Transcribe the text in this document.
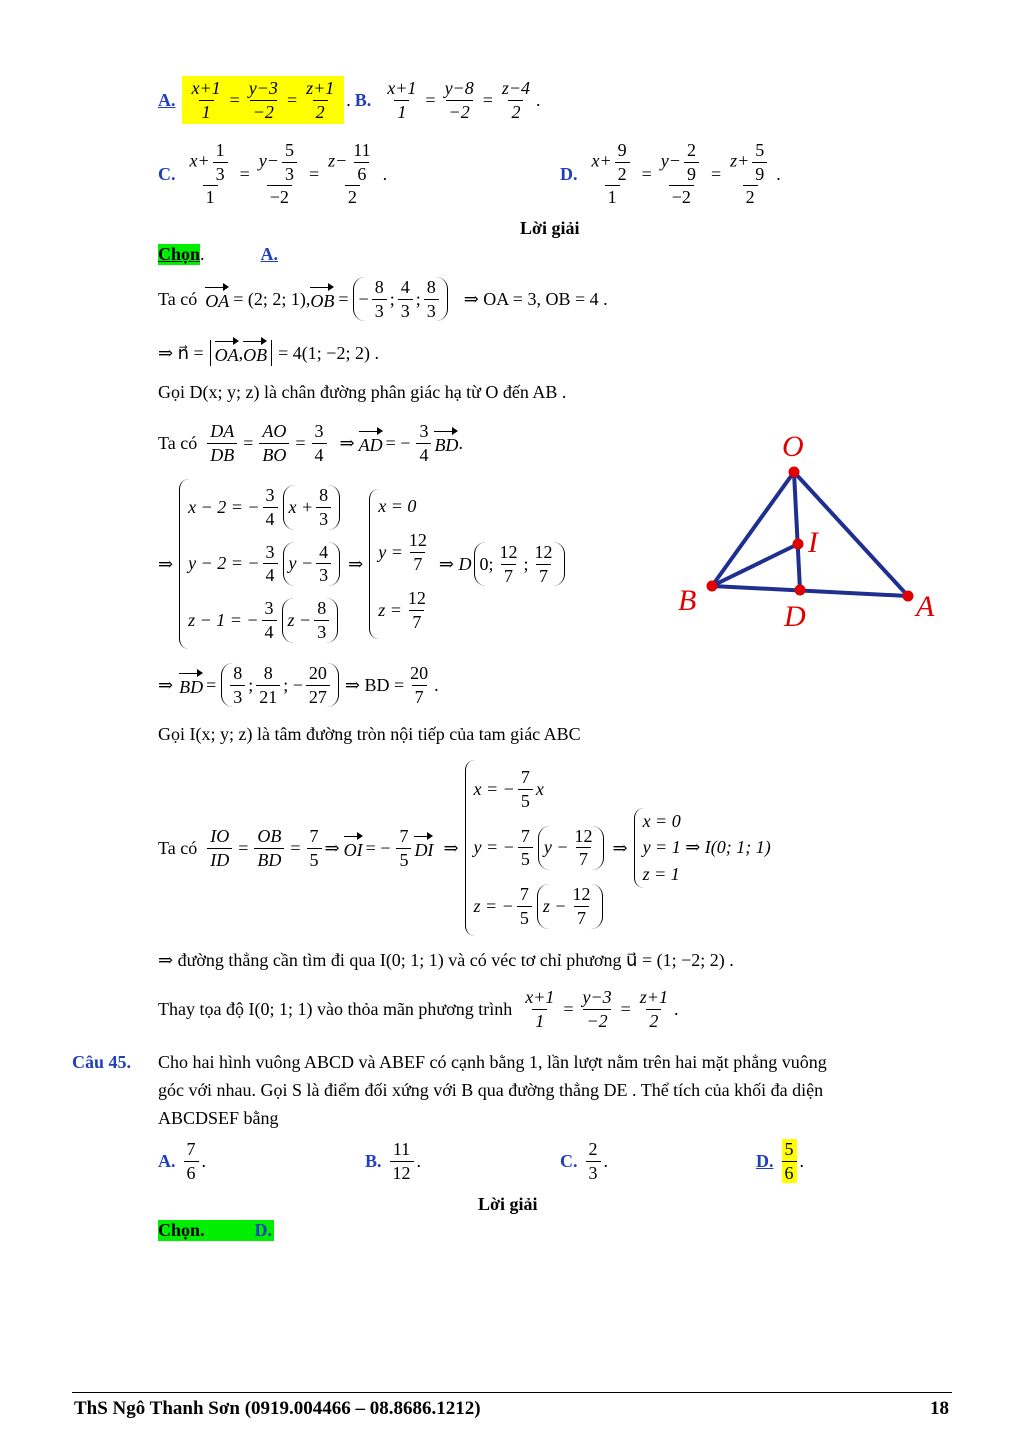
A. $\frac{x+1}{1} = \frac{y-3}{-2} = \frac{z+1}{2}$ . B. $\frac{x+1}{1} = \frac{y-8}{-2} = \frac{z-4}{2}$ .
C. $\frac{x+ \frac{1}{3}}{1} = \frac{y- \frac{5}{3}}{-2} = \frac{z- \frac{11}{6}}{2}$ .	D. $\frac{x+ \frac{9}{2}}{1} = \frac{y- \frac{2}{9}}{-2} = \frac{z+ \frac{5}{9}}{2}$ .
Lời giải
Chọn .	A.
Ta có OA = (2; 2; 1), OB = − $\frac{8}{3}$ ; $\frac{4}{3}$ ; $\frac{8}{3}$ ⇒ OA = 3, OB = 4 .
⇒ n⃗ = OA , OB = 4(1; −2; 2) .
Gọi D(x; y; z) là chân đường phân giác hạ từ O đến AB .
Ta có $\frac{DA}{DB} = \frac{AO}{BO} = \frac{3}{4}$ ⇒ AD = − $\frac{3}{4}$ BD .
⇒
x − 2 = − $\frac{3}{4}$ $x + \frac{8}{3}$
y − 2 = − $\frac{3}{4}$ $y - \frac{4}{3}$
z − 1 = − $\frac{3}{4}$ $z - \frac{8}{3}$
⇒
x = 0
$y = \frac{12}{7}$
$z = \frac{12}{7}$
⇒ D 0; $\frac{12}{7}$ ; $\frac{12}{7}$
⇒ BD = $\frac{8}{3}$ ; $\frac{8}{21}$ ; − $\frac{20}{27}$ ⇒ BD = $\frac{20}{7}$ .
Gọi I(x; y; z) là tâm đường tròn nội tiếp của tam giác ABC
Ta có $\frac{IO}{ID} = \frac{OB}{BD} = \frac{7}{5}$ ⇒ OI = − $\frac{7}{5}$ DI ⇒
x = − $\frac{7}{5}$ x
y = − $\frac{7}{5}$ $y - \frac{12}{7}$
z = − $\frac{7}{5}$ $z - \frac{12}{7}$
⇒
x = 0
y = 1 ⇒ I(0; 1; 1)
z = 1
⇒ đường thẳng cần tìm đi qua I(0; 1; 1) và có véc tơ chỉ phương u⃗ = (1; −2; 2) .
Thay tọa độ I(0; 1; 1) vào thỏa mãn phương trình $\frac{x+1}{1} = \frac{y-3}{-2} = \frac{z+1}{2}$ .
O
I
B	D	A
Câu 45. Cho hai hình vuông ABCD và ABEF có cạnh bằng 1, lần lượt nằm trên hai mặt phẳng vuông
góc với nhau. Gọi S là điểm đối xứng với B qua đường thẳng DE . Thể tích của khối đa diện
ABCDSEF bằng
A. $\frac{7}{6}$ .	B. $\frac{11}{12}$ .	C. $\frac{2}{3}$ .	D. $\frac{5}{6}$ .
Lời giải
Chọn.	D.
ThS Ngô Thanh Sơn (0919.004466 – 08.8686.1212)	18
